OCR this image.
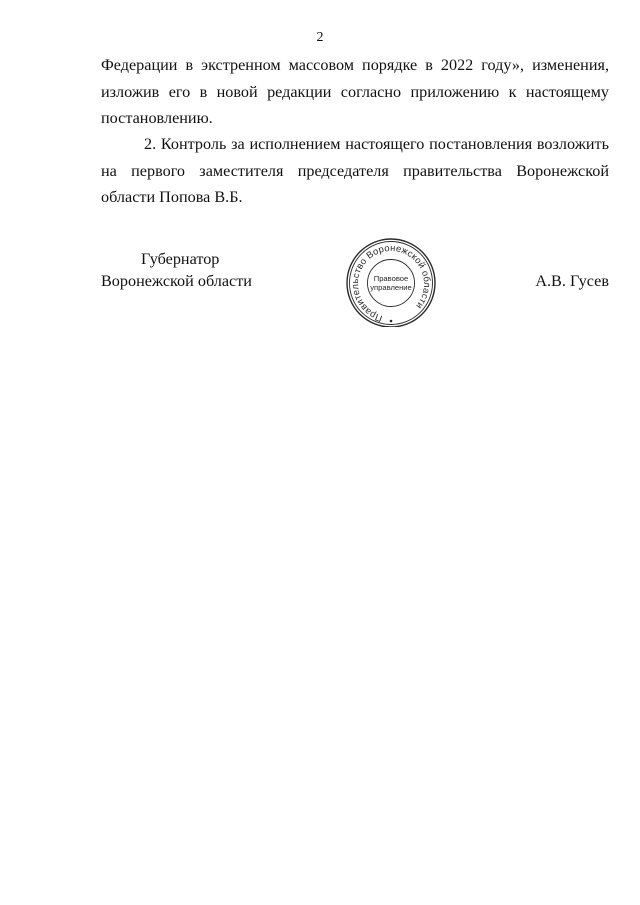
2

Федерации в экстренном массовом порядке в 2022 году», изменения, изложив его в новой редакции согласно приложению к настоящему постановлению.

2. Контроль за исполнением настоящего постановления возложить на первого заместителя председателя правительства Воронежской области Попова В.Б.

Губернатор
Воронежской области
Правительство Воронежской области
Правовое
управление	А.В. Гусев
